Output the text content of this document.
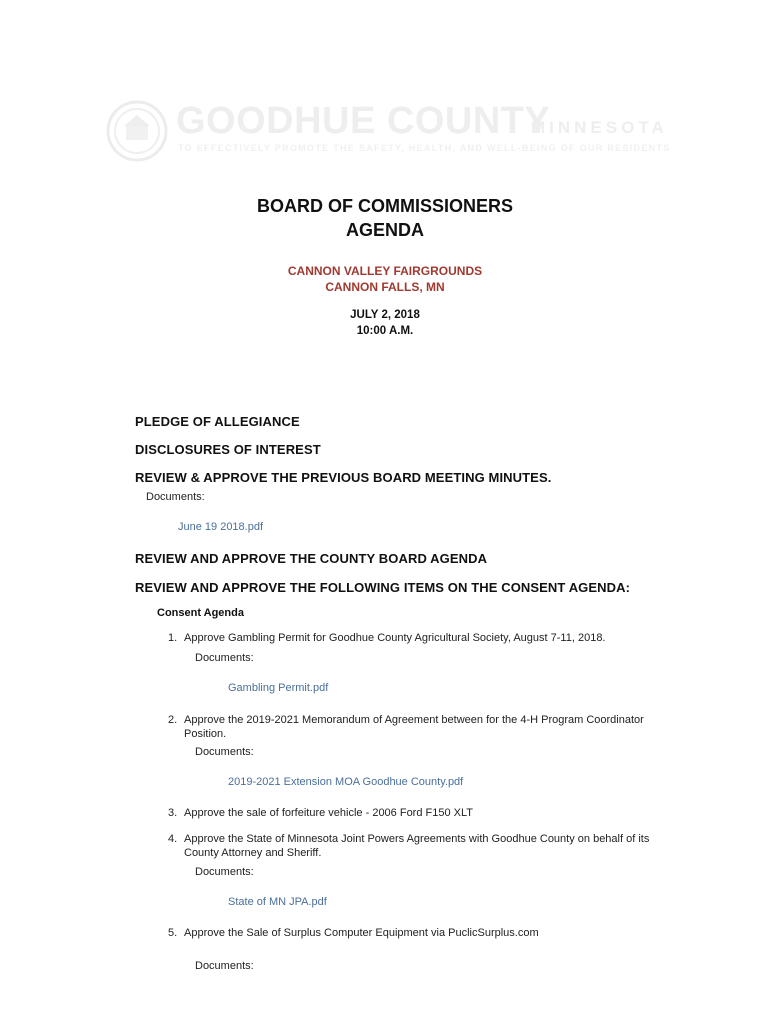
GOODHUE COUNTY
MINNESOTA
TO EFFECTIVELY PROMOTE THE SAFETY, HEALTH, AND WELL-BEING OF OUR RESIDENTS
BOARD OF COMMISSIONERS
AGENDA
CANNON VALLEY FAIRGROUNDS
CANNON FALLS, MN
JULY 2, 2018
10:00 A.M.
PLEDGE OF ALLEGIANCE
DISCLOSURES OF INTEREST
REVIEW & APPROVE THE PREVIOUS BOARD MEETING MINUTES.
Documents:
June 19 2018.pdf
REVIEW AND APPROVE THE COUNTY BOARD AGENDA
REVIEW AND APPROVE THE FOLLOWING ITEMS ON THE CONSENT AGENDA:
Consent Agenda
1. Approve Gambling Permit for Goodhue County Agricultural Society, August 7-11, 2018.
Documents:
Gambling Permit.pdf
2. Approve the 2019-2021 Memorandum of Agreement between for the 4-H Program Coordinator Position.
Documents:
2019-2021 Extension MOA Goodhue County.pdf
3. Approve the sale of forfeiture vehicle - 2006 Ford F150 XLT
4. Approve the State of Minnesota Joint Powers Agreements with Goodhue County on behalf of its County Attorney and Sheriff.
Documents:
State of MN JPA.pdf
5. Approve the Sale of Surplus Computer Equipment via PuclicSurplus.com
Documents:
